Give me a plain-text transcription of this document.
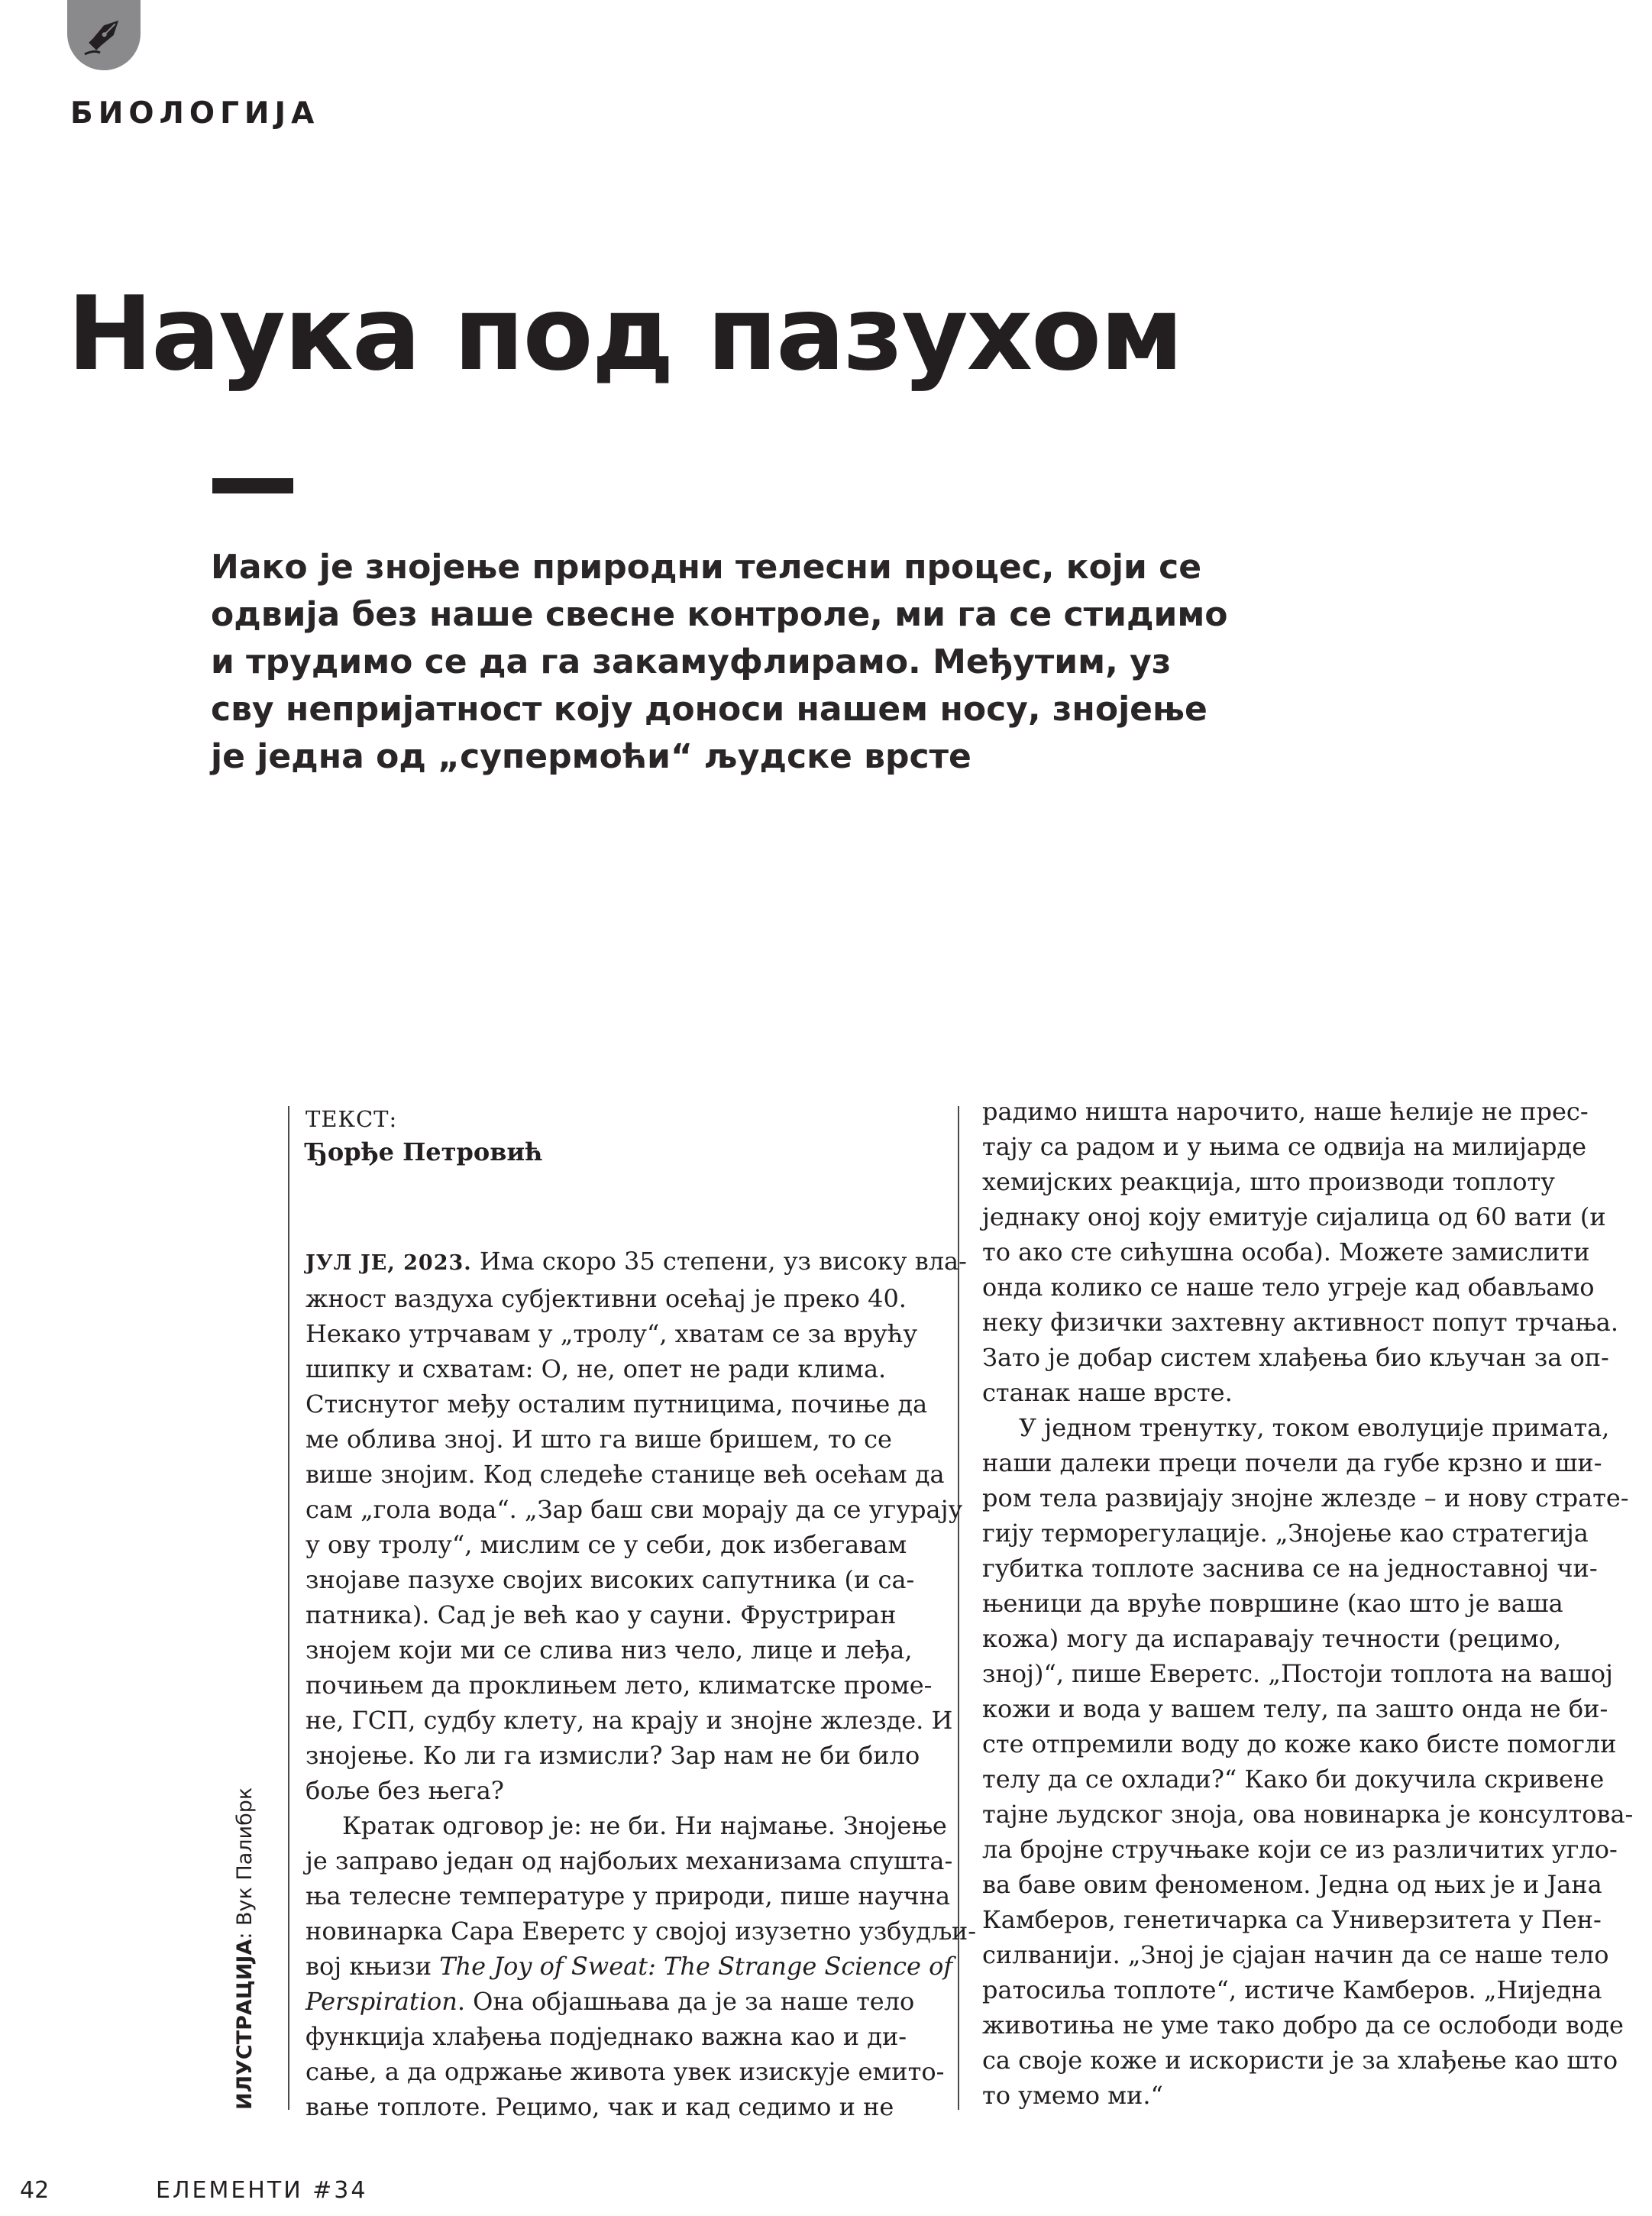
БИОЛОГИЈА
Наука под пазухом

Иако је знојење природни телесни процес, који се одвија без наше свесне контроле, ми га се стидимо и трудимо се да га закамуфлирамо. Међутим, уз сву непријатност коју доноси нашем носу, знојење је једна од „супермоћи“ људске врсте

ИЛУСТРАЦИЈА: Вук Палибрк
ТЕКСТ:
Ђорђе Петровић

ЈУЛ ЈЕ, 2023. Има скоро 35 степени, уз високу вла-
жност ваздуха субјективни осећај је преко 40.
Некако утрчавам у „тролу“, хватам се за врућу
шипку и схватам: О, не, опет не ради клима.
Стиснутог међу осталим путницима, почиње да
ме облива зној. И што га више бришем, то се
више знојим. Код следеће станице већ осећам да
сам „гола вода“. „Зар баш сви морају да се угурају
у ову тролу“, мислим се у себи, док избегавам
знојаве пазухе својих високих сапутника (и са-
патника). Сад је већ као у сауни. Фрустриран
знојем који ми се слива низ чело, лице и леђа,
почињем да проклињем лето, климатске проме-
не, ГСП, судбу клету, на крају и знојне жлезде. И
знојење. Ко ли га измисли? Зар нам не би било
боље без њега?

Кратак одговор је: не би. Ни најмање. Знојење
је заправо један од најбољих механизама спушта-
ња телесне температуре у природи, пише научна
новинарка Сара Еверетс у својој изузетно узбудљи-
вој књизи The Joy of Sweat: The Strange Science of
Perspiration. Она објашњава да је за наше тело
функција хлађења подједнако важна као и ди-
сање, а да одржање живота увек изискује емито-
вање топлоте. Рецимо, чак и кад седимо и не

радимо ништа нарочито, наше ћелије не прес-
тају са радом и у њима се одвија на милијарде
хемијских реакција, што производи топлоту
једнаку оној коју емитује сијалица од 60 вати (и
то ако сте сићушна особа). Можете замислити
онда колико се наше тело угреје кад обављамо
неку физички захтевну активност попут трчања.
Зато је добар систем хлађења био кључан за оп-
станак наше врсте.

У једном тренутку, током еволуције примата,
наши далеки преци почели да губе крзно и ши-
ром тела развијају знојне жлезде – и нову страте-
гију терморегулације. „Знојење као стратегија
губитка топлоте заснива се на једноставној чи-
њеници да вруће површине (као што је ваша
кожа) могу да испаравају течности (рецимо,
зној)“, пише Еверетс. „Постоји топлота на вашој
кожи и вода у вашем телу, па зашто онда не би-
сте отпремили воду до коже како бисте помогли
телу да се охлади?“ Како би докучила скривене
тајне људског зноја, ова новинарка је консултова-
ла бројне стручњаке који се из различитих угло-
ва баве овим феноменом. Једна од њих је и Јана
Камберов, генетичарка са Универзитета у Пен-
силванији. „Зној је сјајан начин да се наше тело
ратосиља топлоте“, истиче Камберов. „Ниједна
животиња не уме тако добро да се ослободи воде
са своје коже и искористи је за хлађење као што
то умемо ми.“

42	ЕЛЕМЕНТИ #34
